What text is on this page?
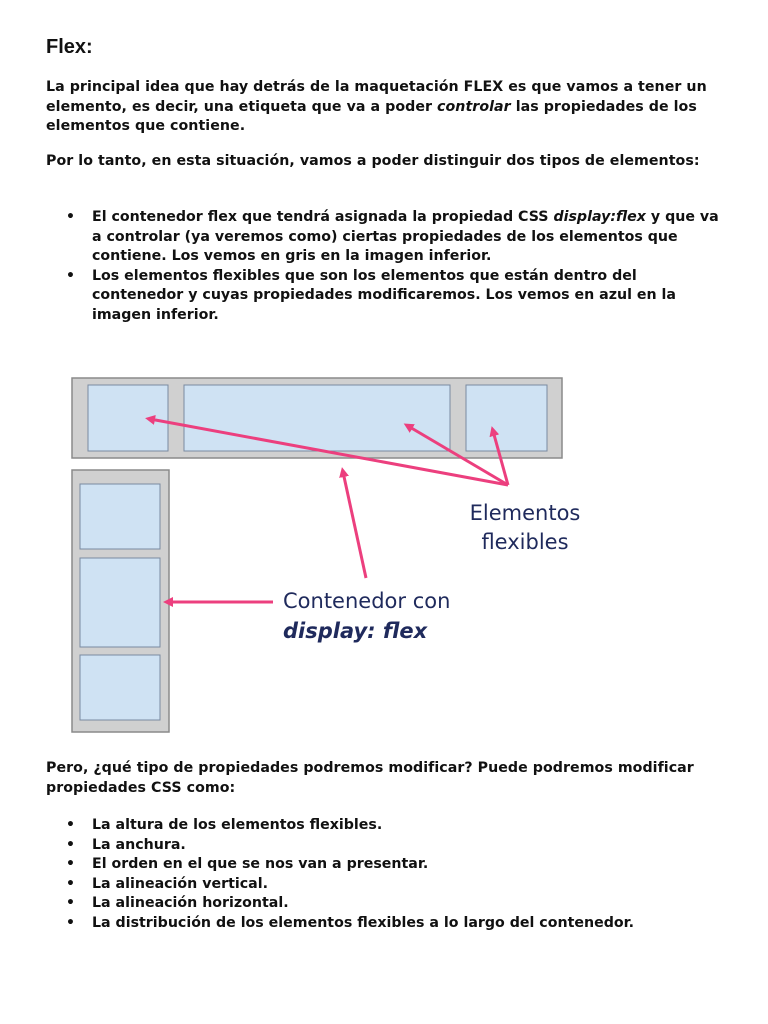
Flex:

La principal idea que hay detrás de la maquetación FLEX es que vamos a tener un elemento, es decir, una etiqueta que va a poder controlar las propiedades de los elementos que contiene.

Por lo tanto, en esta situación, vamos a poder distinguir dos tipos de elementos:

• El contenedor flex que tendrá asignada la propiedad CSS display:flex y que va a controlar (ya veremos como) ciertas propiedades de los elementos que contiene. Los vemos en gris en la imagen inferior.
• Los elementos flexibles que son los elementos que están dentro del contenedor y cuyas propiedades modificaremos. Los vemos en azul en la imagen inferior.
Elementos
flexibles
Contenedor con
display: flex

Pero, ¿qué tipo de propiedades podremos modificar? Puede podremos modificar propiedades CSS como:

• La altura de los elementos flexibles.
• La anchura.
• El orden en el que se nos van a presentar.
• La alineación vertical.
• La alineación horizontal.
• La distribución de los elementos flexibles a lo largo del contenedor.
